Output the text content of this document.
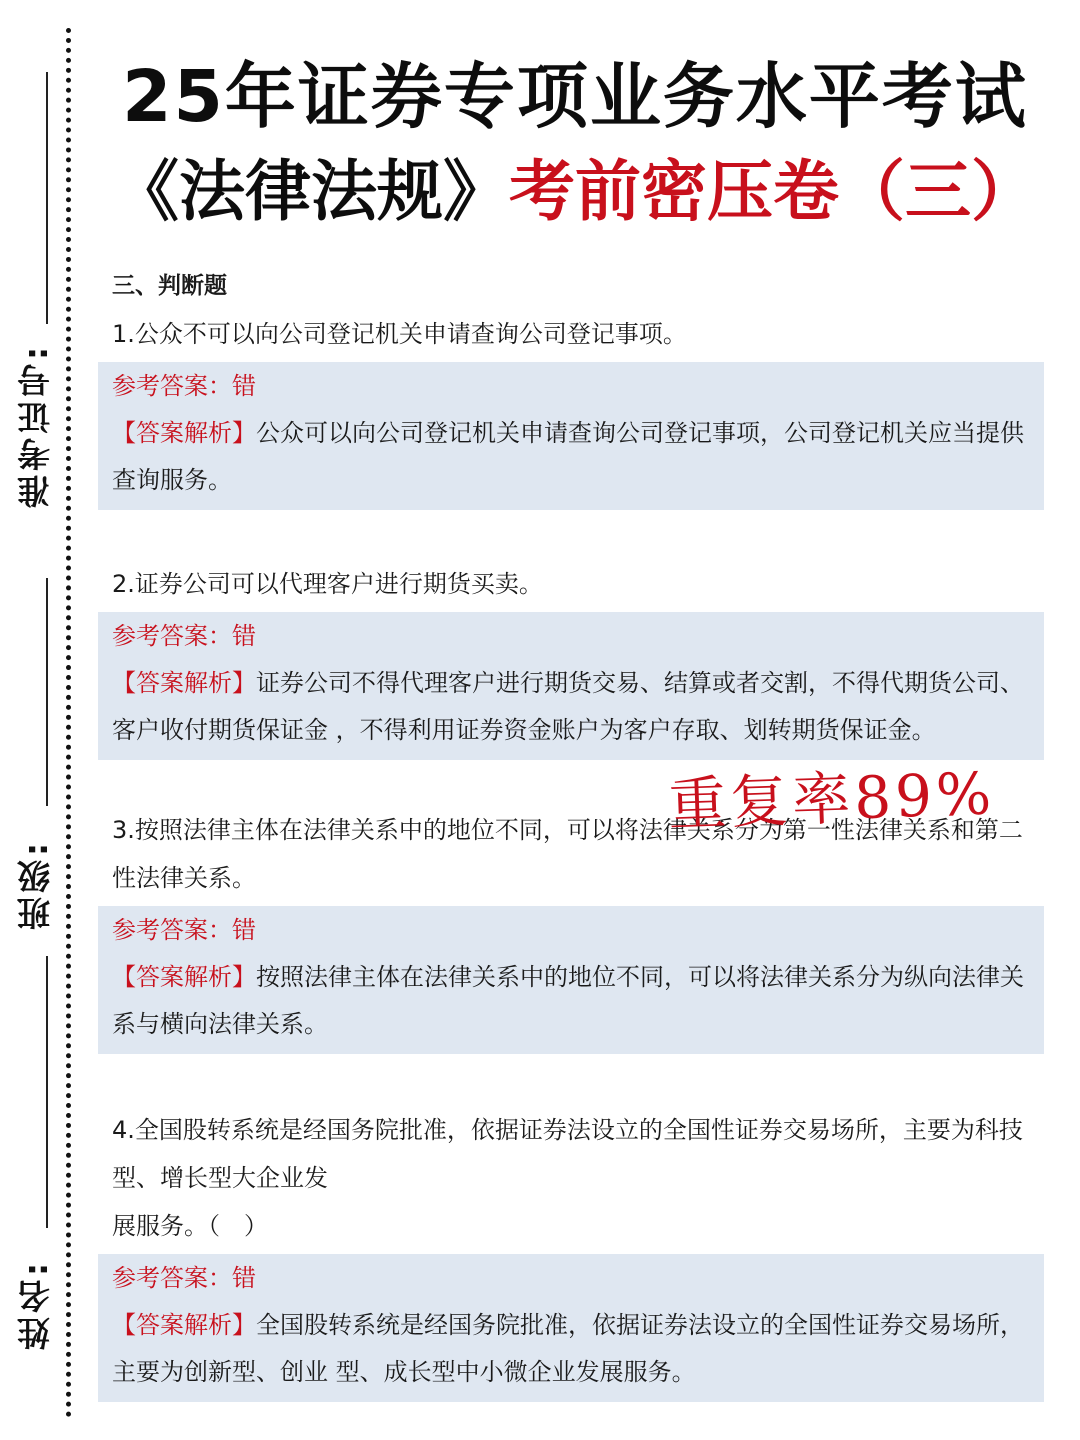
准考证号:
班级:
姓名:
25年证券专项业务水平考试
《法律法规》考前密压卷（三）
三、判断题
1.公众不可以向公司登记机关申请查询公司登记事项。
参考答案：错
【答案解析】公众可以向公司登记机关申请查询公司登记事项，公司登记机关应当提供查询服务。
2.证券公司可以代理客户进行期货买卖。
参考答案：错
【答案解析】证券公司不得代理客户进行期货交易、结算或者交割，不得代期货公司、客户收付期货保证金 ，不得利用证券资金账户为客户存取、划转期货保证金。
3.按照法律主体在法律关系中的地位不同，可以将法律关系分为第一性法律关系和第二性法律关系。
参考答案：错
【答案解析】按照法律主体在法律关系中的地位不同，可以将法律关系分为纵向法律关系与横向法律关系。
4.全国股转系统是经国务院批准，依据证券法设立的全国性证券交易场所，主要为科技型、增长型大企业发
展服务。（　）
参考答案：错
【答案解析】全国股转系统是经国务院批准，依据证券法设立的全国性证券交易场所，主要为创新型、创业 型、成长型中小微企业发展服务。
重复率89%
